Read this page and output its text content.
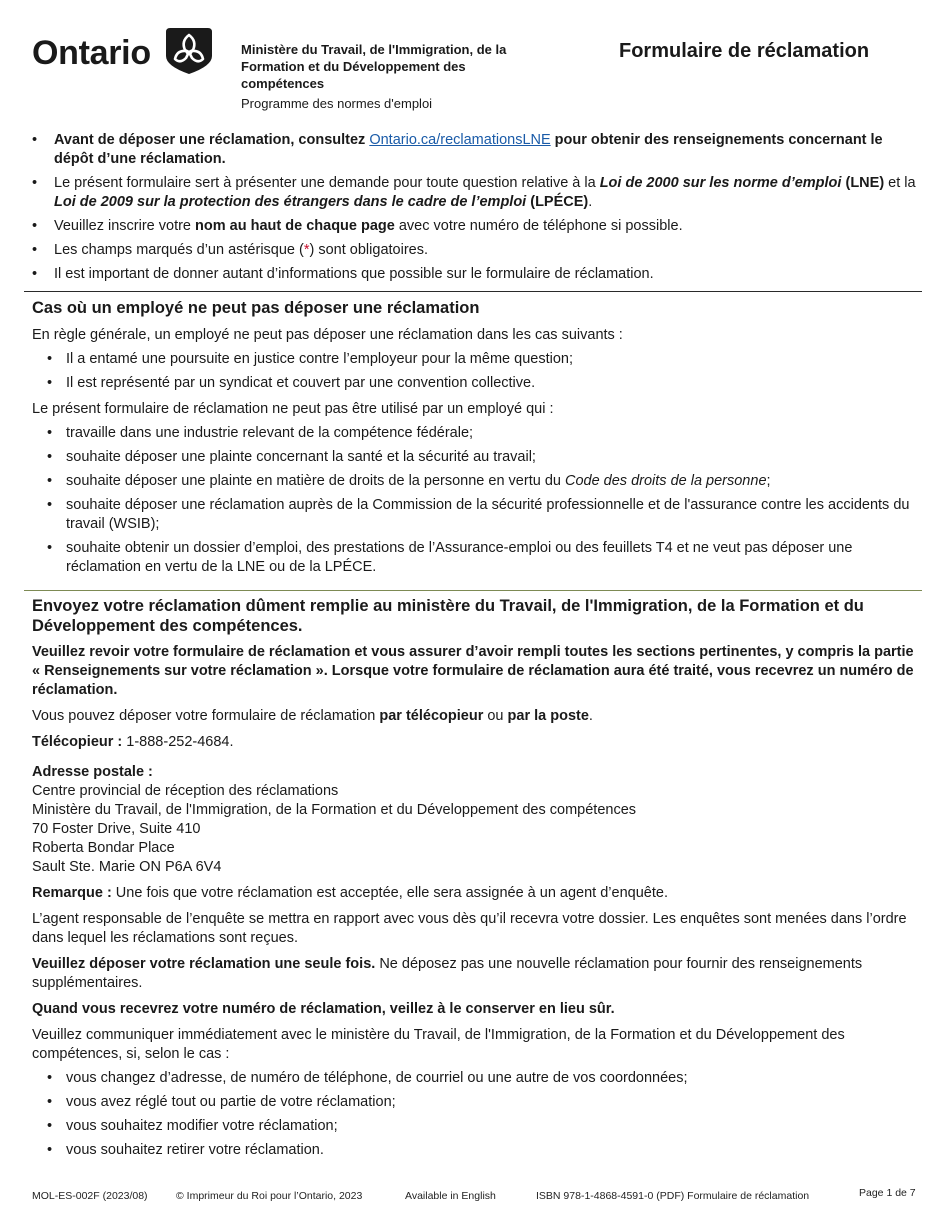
Ontario	Ministère du Travail, de l'Immigration, de la Formation et du Développement des compétences
Programme des normes d'emploi
Formulaire de réclamation
• Avant de déposer une réclamation, consultez Ontario.ca/reclamationsLNE pour obtenir des renseignements concernant le dépôt d’une réclamation.
• Le présent formulaire sert à présenter une demande pour toute question relative à la Loi de 2000 sur les norme d’emploi (LNE) et la Loi de 2009 sur la protection des étrangers dans le cadre de l’emploi (LPÉCE).
• Veuillez inscrire votre nom au haut de chaque page avec votre numéro de téléphone si possible.
• Les champs marqués d’un astérisque (*) sont obligatoires.
• Il est important de donner autant d’informations que possible sur le formulaire de réclamation.
Cas où un employé ne peut pas déposer une réclamation

En règle générale, un employé ne peut pas déposer une réclamation dans les cas suivants :

• Il a entamé une poursuite en justice contre l’employeur pour la même question;
• Il est représenté par un syndicat et couvert par une convention collective.

Le présent formulaire de réclamation ne peut pas être utilisé par un employé qui :

• travaille dans une industrie relevant de la compétence fédérale;
• souhaite déposer une plainte concernant la santé et la sécurité au travail;
• souhaite déposer une plainte en matière de droits de la personne en vertu du Code des droits de la personne;
• souhaite déposer une réclamation auprès de la Commission de la sécurité professionnelle et de l'assurance contre les accidents du travail (WSIB);
• souhaite obtenir un dossier d’emploi, des prestations de l’Assurance-emploi ou des feuillets T4 et ne veut pas déposer une réclamation en vertu de la LNE ou de la LPÉCE.
Envoyez votre réclamation dûment remplie au ministère du Travail, de l'Immigration, de la Formation et du Développement des compétences.

Veuillez revoir votre formulaire de réclamation et vous assurer d’avoir rempli toutes les sections pertinentes, y compris la partie « Renseignements sur votre réclamation ». Lorsque votre formulaire de réclamation aura été traité, vous recevrez un numéro de réclamation.

Vous pouvez déposer votre formulaire de réclamation par télécopieur ou par la poste.

Télécopieur : 1-888-252-4684.

Adresse postale :
Centre provincial de réception des réclamations
Ministère du Travail, de l'Immigration, de la Formation et du Développement des compétences
70 Foster Drive, Suite 410
Roberta Bondar Place
Sault Ste. Marie ON P6A 6V4

Remarque : Une fois que votre réclamation est acceptée, elle sera assignée à un agent d’enquête.

L’agent responsable de l’enquête se mettra en rapport avec vous dès qu’il recevra votre dossier. Les enquêtes sont menées dans l’ordre dans lequel les réclamations sont reçues.

Veuillez déposer votre réclamation une seule fois. Ne déposez pas une nouvelle réclamation pour fournir des renseignements supplémentaires.

Quand vous recevrez votre numéro de réclamation, veillez à le conserver en lieu sûr.

Veuillez communiquer immédiatement avec le ministère du Travail, de l'Immigration, de la Formation et du Développement des compétences, si, selon le cas :

• vous changez d’adresse, de numéro de téléphone, de courriel ou une autre de vos coordonnées;
• vous avez réglé tout ou partie de votre réclamation;
• vous souhaitez modifier votre réclamation;
• vous souhaitez retirer votre réclamation.
MOL-ES-002F (2023/08)	© Imprimeur du Roi pour l’Ontario, 2023	Available in English	ISBN 978-1-4868-4591-0 (PDF) Formulaire de réclamation	Page 1 de 7
